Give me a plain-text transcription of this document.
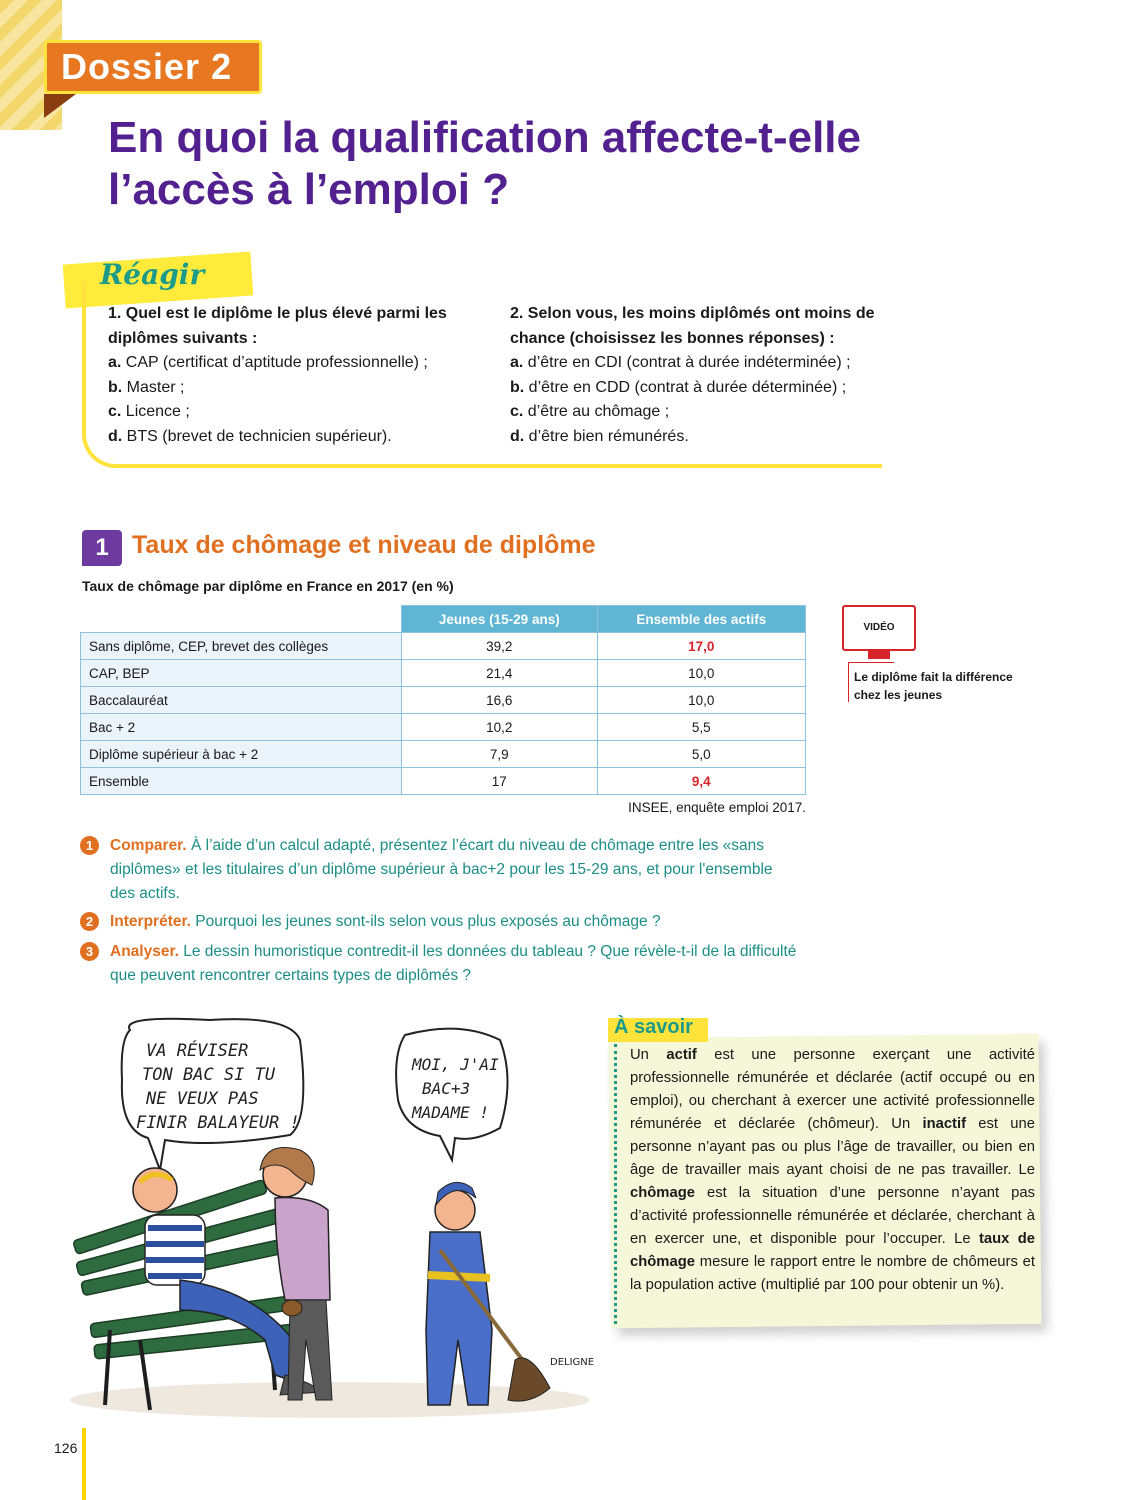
Dossier 2
En quoi la qualification affecte-t-elle
l’accès à l’emploi ?
Réagir
1. Quel est le diplôme le plus élevé parmi les diplômes suivants :
a. CAP (certificat d’aptitude professionnelle) ;
b. Master ;
c. Licence ;
d. BTS (brevet de technicien supérieur).
2. Selon vous, les moins diplômés ont moins de chance (choisissez les bonnes réponses) :
a. d’être en CDI (contrat à durée indéterminée) ;
b. d’être en CDD (contrat à durée déterminée) ;
c. d’être au chômage ;
d. d’être bien rémunérés.
1 Taux de chômage et niveau de diplôme
Taux de chômage par diplôme en France en 2017 (en %)
	Jeunes (15-29 ans)	Ensemble des actifs
Sans diplôme, CEP, brevet des collèges	39,2	17,0
CAP, BEP	21,4	10,0
Baccalauréat	16,6	10,0
Bac + 2	10,2	5,5
Diplôme supérieur à bac + 2	7,9	5,0
Ensemble	17	9,4
INSEE, enquête emploi 2017.
VIDÉO
Le diplôme fait la différence chez les jeunes
1	Comparer. À l’aide d’un calcul adapté, présentez l’écart du niveau de chômage entre les «sans diplômes» et les titulaires d’un diplôme supérieur à bac+2 pour les 15-29 ans, et pour l'ensemble des actifs.
2	Interpréter. Pourquoi les jeunes sont-ils selon vous plus exposés au chômage ?
3	Analyser. Le dessin humoristique contredit-il les données du tableau ? Que révèle-t-il de la difficulté que peuvent rencontrer certains types de diplômés ?
VA RÉVISER
TON BAC SI TU
NE VEUX PAS
FINIR BALAYEUR !
MOI, J'AI
BAC+3
MADAME !
DELIGNE
À savoir
Un actif est une personne exerçant une activité professionnelle rémunérée et déclarée (actif occupé ou en emploi), ou cherchant à exercer une activité professionnelle rémunérée et déclarée (chômeur). Un inactif est une personne n’ayant pas ou plus l’âge de travailler, ou bien en âge de travailler mais ayant choisi de ne pas travailler. Le chômage est la situation d’une personne n’ayant pas d’activité professionnelle rémunérée et déclarée, cherchant à en exercer une, et disponible pour l’occuper. Le taux de chômage mesure le rapport entre le nombre de chômeurs et la population active (multiplié par 100 pour obtenir un %).
126
